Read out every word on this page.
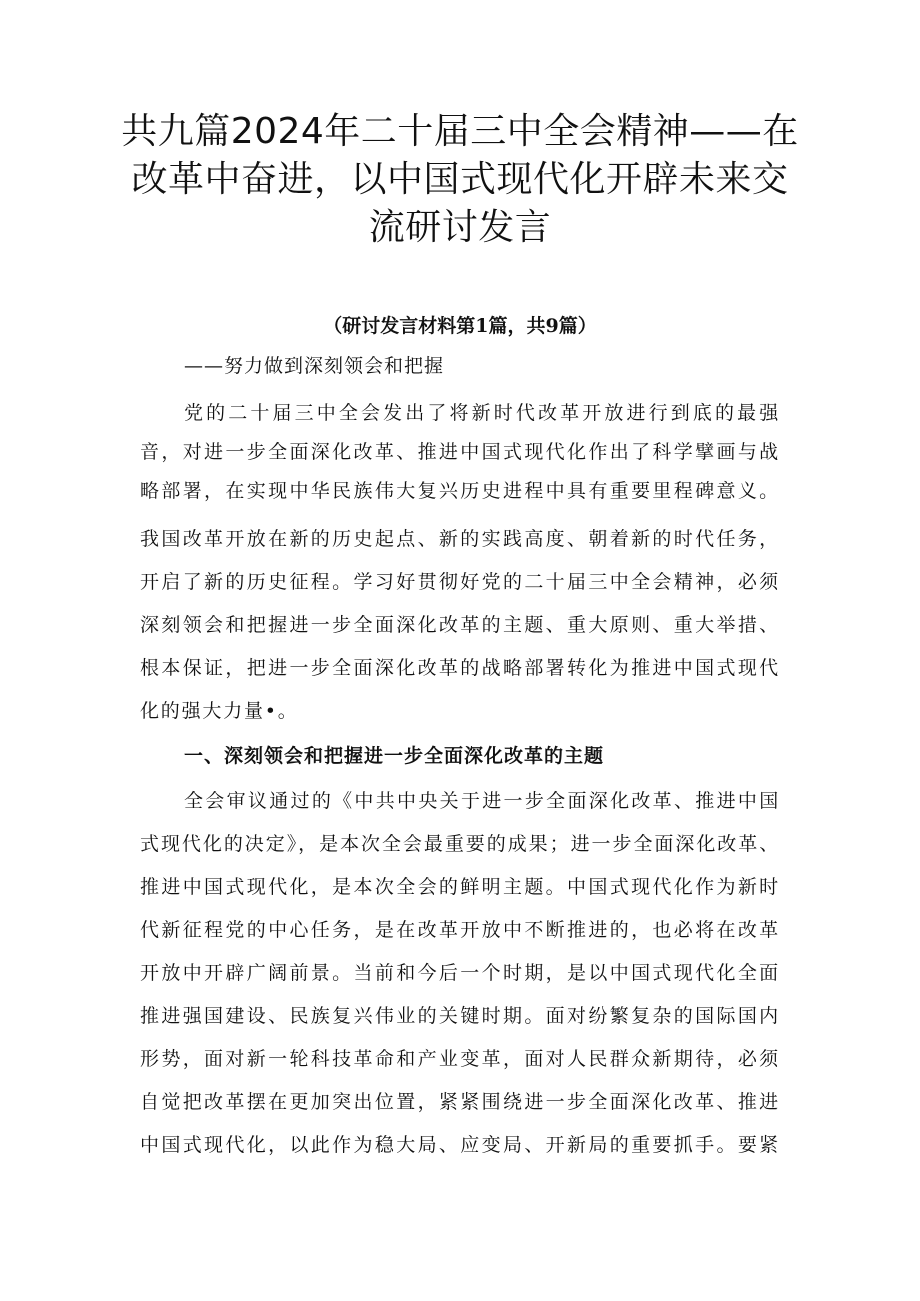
共九篇2024年二十届三中全会精神——在
改革中奋进，以中国式现代化开辟未来交
流研讨发言

（研讨发言材料第1篇，共9篇）

——努力做到深刻领会和把握

党的二十届三中全会发出了将新时代改革开放进行到底的最强

音，对进一步全面深化改革、推进中国式现代化作出了科学擘画与战

略部署，在实现中华民族伟大复兴历史进程中具有重要里程碑意义。

我国改革开放在新的历史起点、新的实践高度、朝着新的时代任务，

开启了新的历史征程。学习好贯彻好党的二十届三中全会精神，必须

深刻领会和把握进一步全面深化改革的主题、重大原则、重大举措、

根本保证，把进一步全面深化改革的战略部署转化为推进中国式现代

化的强大力量•。

一、深刻领会和把握进一步全面深化改革的主题

全会审议通过的《中共中央关于进一步全面深化改革、推进中国

式现代化的决定》，是本次全会最重要的成果；进一步全面深化改革、

推进中国式现代化，是本次全会的鲜明主题。中国式现代化作为新时

代新征程党的中心任务，是在改革开放中不断推进的，也必将在改革

开放中开辟广阔前景。当前和今后一个时期，是以中国式现代化全面

推进强国建设、民族复兴伟业的关键时期。面对纷繁复杂的国际国内

形势，面对新一轮科技革命和产业变革，面对人民群众新期待，必须

自觉把改革摆在更加突出位置，紧紧围绕进一步全面深化改革、推进

中国式现代化，以此作为稳大局、应变局、开新局的重要抓手。要紧
